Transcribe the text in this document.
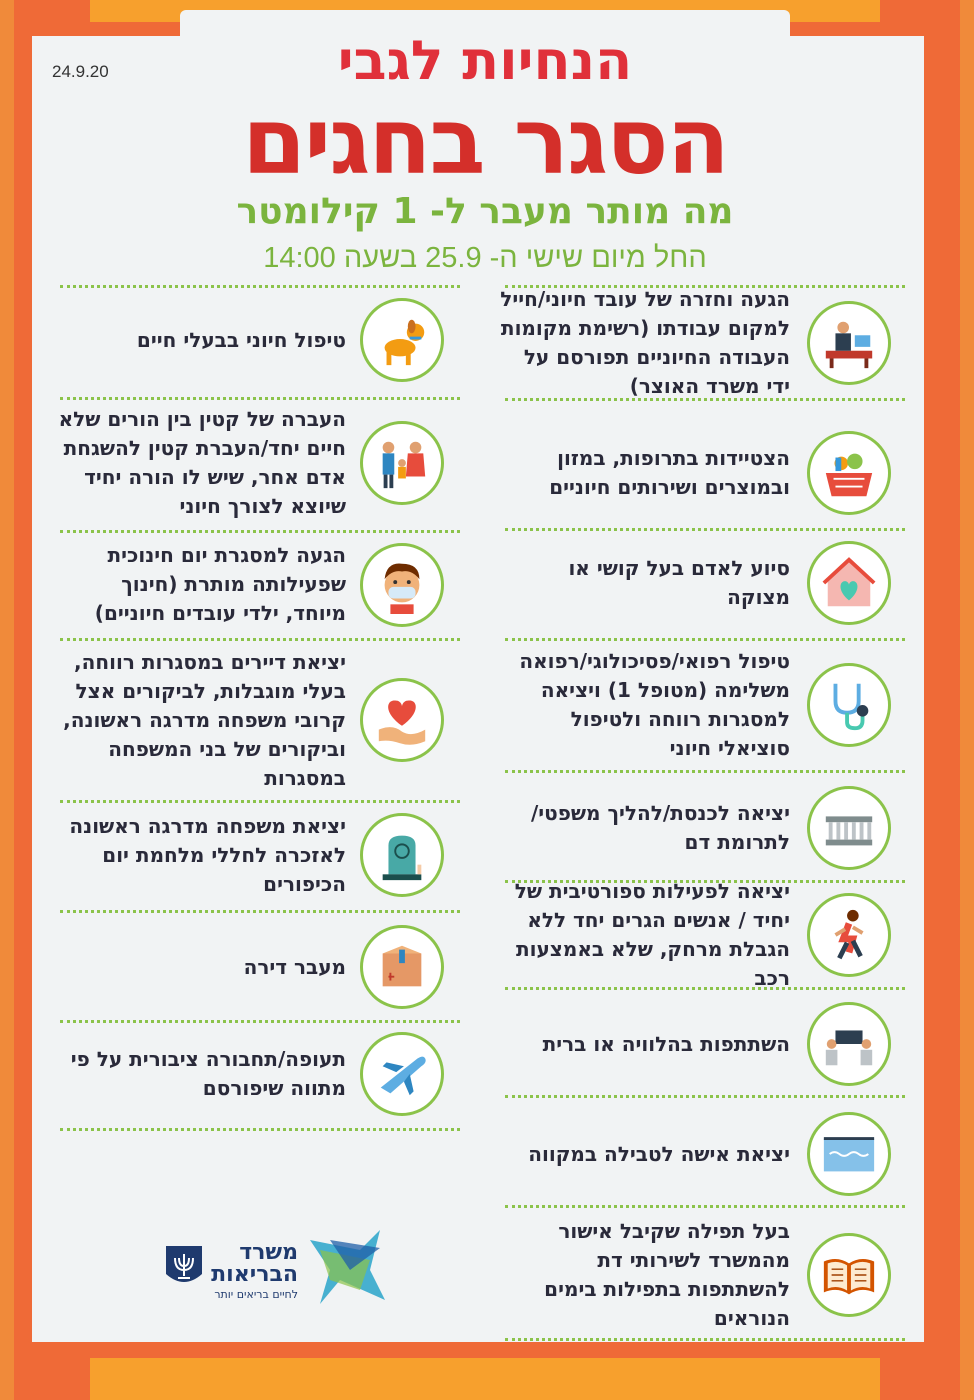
24.9.20	הנחיות לגבי
הסגר בחגים
מה מותר מעבר ל- 1 קילומטר
החל מיום שישי ה- 25.9 בשעה 14:00
הגעה וחזרה של עובד חיוני/חייל למקום עבודתו (רשימת מקומות העבודה החיוניים תפורסם על ידי משרד האוצר)
הצטיידות בתרופות, במזון ובמוצרים ושירותים חיוניים
סיוע לאדם בעל קושי או מצוקה
טיפול רפואי/פסיכולוגי/רפואה משלימה (מטופל 1) ויציאה למסגרות רווחה ולטיפול סוציאלי חיוני
יציאה לכנסת/להליך משפטי/ לתרומת דם
יציאה לפעילות ספורטיבית של יחיד / אנשים הגרים יחד ללא הגבלת מרחק, שלא באמצעות רכב
השתתפות בהלוויה או ברית
יציאת אישה לטבילה במקווה
בעל תפילה שקיבל אישור מהמשרד לשירותי דת להשתתפות בתפילות בימים הנוראים
טיפול חיוני בבעלי חיים
העברה של קטין בין הורים שלא חיים יחד/העברת קטין להשגחת אדם אחר, שיש לו הורה יחיד שיוצא לצורך חיוני
הגעה למסגרת יום חינוכית שפעילותה מותרת (חינוך מיוחד, ילדי עובדים חיוניים)
יציאת דיירים במסגרות רווחה, בעלי מוגבלות, לביקורים אצל קרובי משפחה מדרגה ראשונה, וביקורים של בני המשפחה במסגרות
יציאת משפחה מדרגה ראשונה לאזכרה לחללי מלחמת יום הכיפורים
מעבר דירה
תעופה/תחבורה ציבורית על פי מתווה שיפורסם
משרד
הבריאות
לחיים בריאים יותר
